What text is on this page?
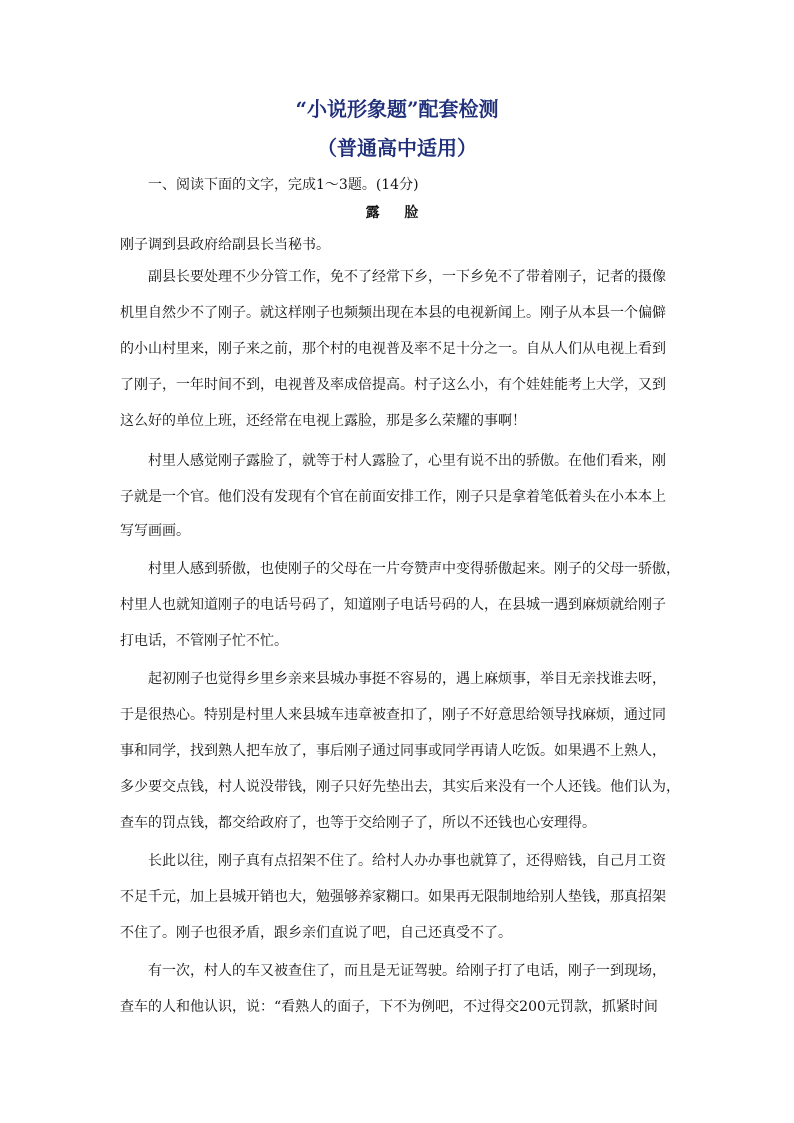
“小说形象题”配套检测
（普通高中适用）
一、阅读下面的文字，完成1～3题。(14分)
露 脸
刚子调到县政府给副县长当秘书。
副县长要处理不少分管工作，免不了经常下乡，一下乡免不了带着刚子，记者的摄像
机里自然少不了刚子。就这样刚子也频频出现在本县的电视新闻上。刚子从本县一个偏僻
的小山村里来，刚子来之前，那个村的电视普及率不足十分之一。自从人们从电视上看到
了刚子，一年时间不到，电视普及率成倍提高。村子这么小，有个娃娃能考上大学，又到
这么好的单位上班，还经常在电视上露脸，那是多么荣耀的事啊！
村里人感觉刚子露脸了，就等于村人露脸了，心里有说不出的骄傲。在他们看来，刚
子就是一个官。他们没有发现有个官在前面安排工作，刚子只是拿着笔低着头在小本本上
写写画画。
村里人感到骄傲，也使刚子的父母在一片夸赞声中变得骄傲起来。刚子的父母一骄傲，
村里人也就知道刚子的电话号码了，知道刚子电话号码的人，在县城一遇到麻烦就给刚子
打电话，不管刚子忙不忙。
起初刚子也觉得乡里乡亲来县城办事挺不容易的，遇上麻烦事，举目无亲找谁去呀，
于是很热心。特别是村里人来县城车违章被查扣了，刚子不好意思给领导找麻烦，通过同
事和同学，找到熟人把车放了，事后刚子通过同事或同学再请人吃饭。如果遇不上熟人，
多少要交点钱，村人说没带钱，刚子只好先垫出去，其实后来没有一个人还钱。他们认为，
查车的罚点钱，都交给政府了，也等于交给刚子了，所以不还钱也心安理得。
长此以往，刚子真有点招架不住了。给村人办办事也就算了，还得赔钱，自己月工资
不足千元，加上县城开销也大，勉强够养家糊口。如果再无限制地给别人垫钱，那真招架
不住了。刚子也很矛盾，跟乡亲们直说了吧，自己还真受不了。
有一次，村人的车又被查住了，而且是无证驾驶。给刚子打了电话，刚子一到现场，
查车的人和他认识，说：“看熟人的面子，下不为例吧，不过得交200元罚款，抓紧时间
